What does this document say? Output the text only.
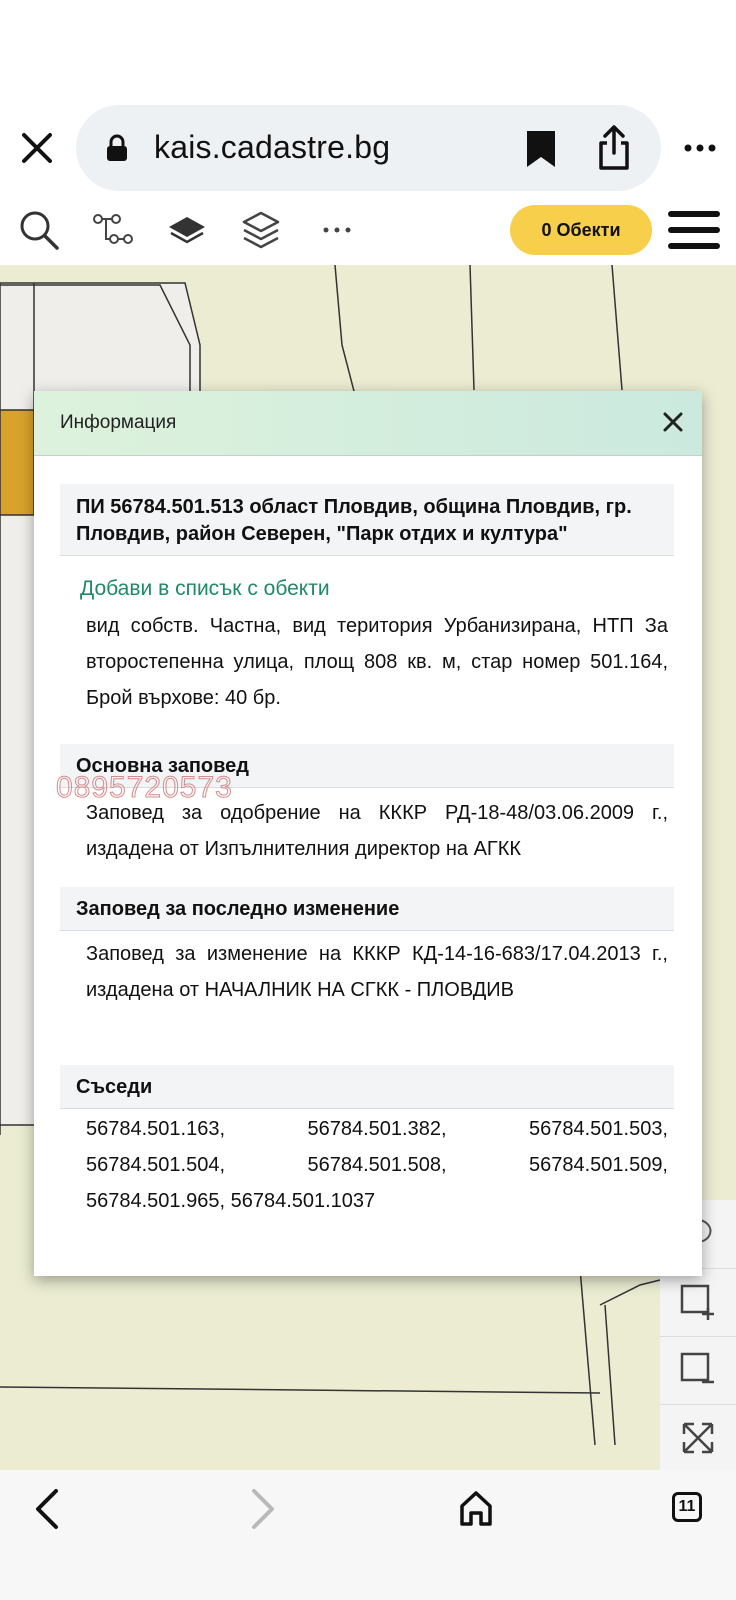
kais.cadastre.bg
0 Обекти
Информация
ПИ 56784.501.513 област Пловдив, община Пловдив, гр. Пловдив, район Северен, "Парк отдих и култура"
Добави в списък с обекти
вид собств. Частна, вид територия Урбанизирана, НТП За второстепенна улица, площ 808 кв. м, стар номер 501.164, Брой върхове: 40 бр.
Основна заповед
0895720573
Заповед за одобрение на КККР РД-18-48/03.06.2009 г., издадена от Изпълнителния директор на АГКК
Заповед за последно изменение
Заповед за изменение на КККР КД-14-16-683/17.04.2013 г., издадена от НАЧАЛНИК НА СГКК - ПЛОВДИВ
Съседи
56784.501.163,	56784.501.382,	56784.501.503,
56784.501.504,	56784.501.508,	56784.501.509,
56784.501.965, 56784.501.1037
11
